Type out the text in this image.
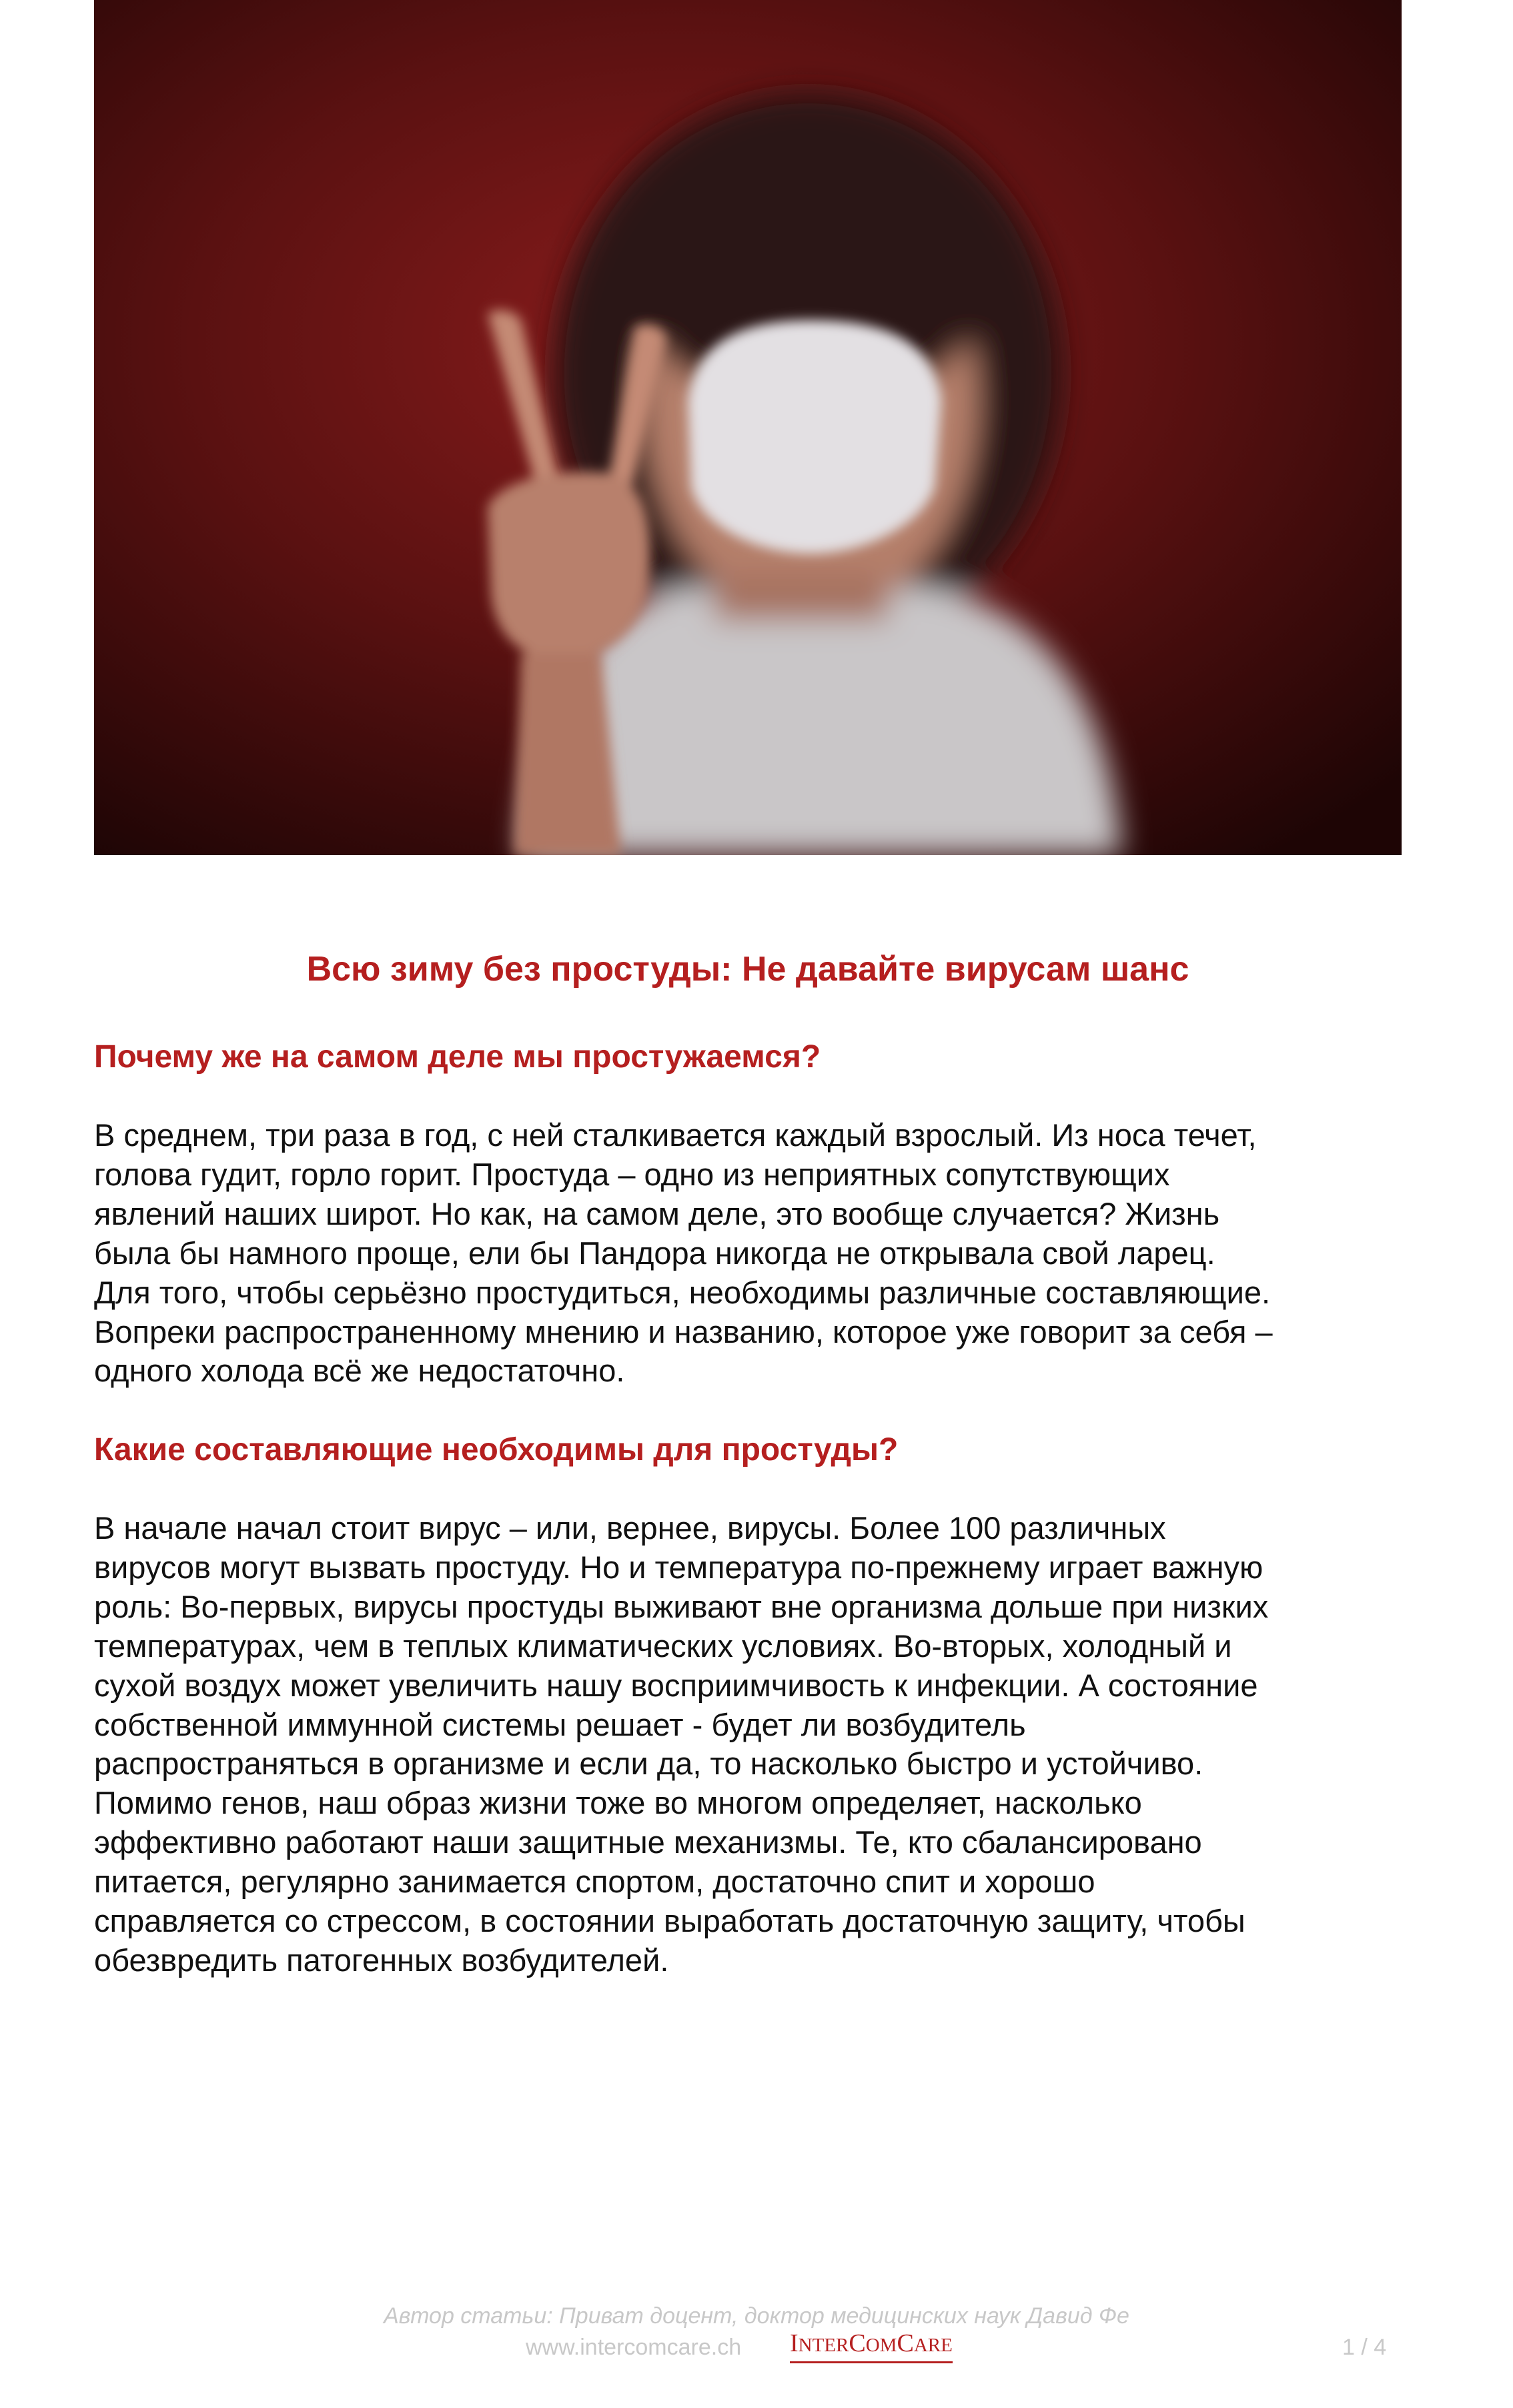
Всю зиму без простуды: Не давайте вирусам шанс
Почему же на самом деле мы простужаемся?

В среднем, три раза в год, с ней сталкивается каждый взрослый. Из носа течет,
голова гудит, горло горит. Простуда – одно из неприятных сопутствующих
явлений наших широт. Но как, на самом деле, это вообще случается? Жизнь
была бы намного проще, ели бы Пандора никогда не открывала свой ларец.
Для того, чтобы серьёзно простудиться, необходимы различные составляющие.
Вопреки распространенному мнению и названию, которое уже говорит за себя –
одного холода всё же недостаточно.

Какие составляющие необходимы для простуды?

В начале начал стоит вирус – или, вернее, вирусы. Более 100 различных
вирусов могут вызвать простуду. Но и температура по-прежнему играет важную
роль: Во-первых, вирусы простуды выживают вне организма дольше при низких
температурах, чем в теплых климатических условиях. Во-вторых, холодный и
сухой воздух может увеличить нашу восприимчивость к инфекции. А состояние
собственной иммунной системы решает - будет ли возбудитель
распространяться в организме и если да, то насколько быстро и устойчиво.
Помимо генов, наш образ жизни тоже во многом определяет, насколько
эффективно работают наши защитные механизмы. Те, кто сбалансировано
питается, регулярно занимается спортом, достаточно спит и хорошо
справляется со стрессом, в состоянии выработать достаточную защиту, чтобы
обезвредить патогенных возбудителей.

Автор статьи: Приват доцент, доктор медицинских наук Давид Фе
www.intercomcare.ch INTERCOMCARE	1 / 4
